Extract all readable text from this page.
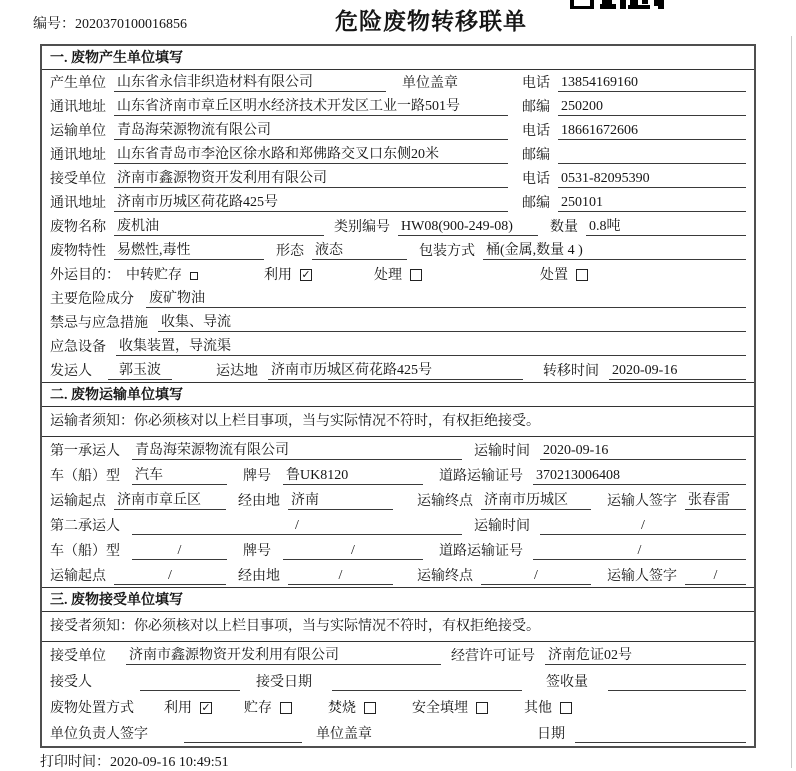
编号：2020370100016856	危险废物转移联单
一. 废物产生单位填写
产生单位 山东省永信非织造材料有限公司	单位盖章	电话 13854169160
通讯地址 山东省济南市章丘区明水经济技术开发区工业一路501号	邮编 250200
运输单位 青岛海荣源物流有限公司	电话 18661672606
通讯地址 山东省青岛市李沧区徐水路和郑佛路交叉口东侧20米	邮编
接受单位 济南市鑫源物资开发利用有限公司	电话 0531-82095390
通讯地址 济南市历城区荷花路425号	邮编 250101
废物名称 废机油	类别编号 HW08(900-249-08)	数量 0.8吨
废物特性 易燃性,毒性	形态 液态	包装方式 桶(金属,数量 4 )
外运目的： 中转贮存	利用 ✓	处理	处置
主要危险成分 废矿物油
禁忌与应急措施 收集、导流
应急设备 收集装置，导流渠
发运人	郭玉波	运达地 济南市历城区荷花路425号	转移时间 2020-09-16
二. 废物运输单位填写
运输者须知：你必须核对以上栏目事项，当与实际情况不符时，有权拒绝接受。
第一承运人 青岛海荣源物流有限公司	运输时间 2020-09-16
车（船）型 汽车	牌号 鲁UK8120	道路运输证号 370213006408
运输起点 济南市章丘区	经由地 济南	运输终点 济南市历城区	运输人签字 张春雷
第二承运人	/	运输时间	/
车（船）型	/	牌号	/	道路运输证号	/
运输起点	/	经由地	/	运输终点	/	运输人签字	/
三. 废物接受单位填写
接受者须知：你必须核对以上栏目事项，当与实际情况不符时，有权拒绝接受。
接受单位 济南市鑫源物资开发利用有限公司	经营许可证号 济南危证02号
接受人	接受日期	签收量
废物处置方式 利用 ✓ 贮存	焚烧	安全填埋	其他
单位负责人签字	单位盖章	日期
打印时间：2020-09-16 10:49:51
